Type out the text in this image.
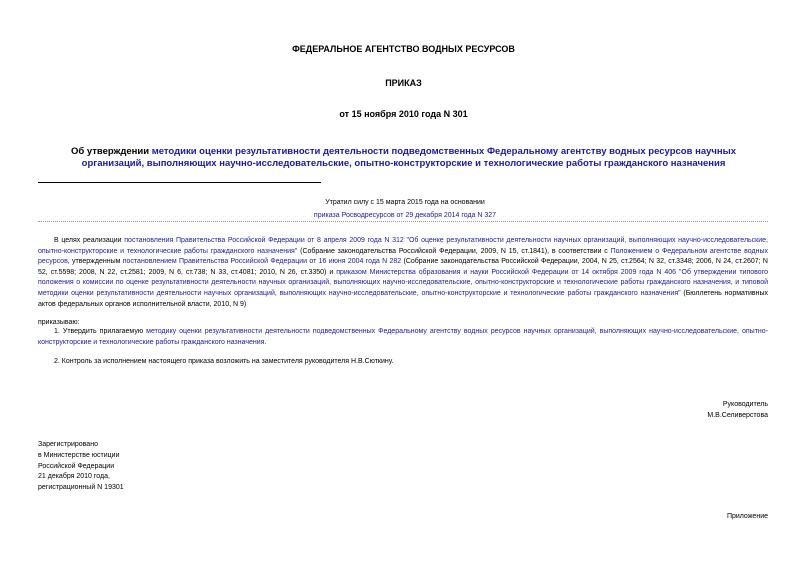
ФЕДЕРАЛЬНОЕ АГЕНТСТВО ВОДНЫХ РЕСУРСОВ
ПРИКАЗ
от 15 ноября 2010 года N 301
Об утверждении методики оценки результативности деятельности подведомственных Федеральному агентству водных ресурсов научных организаций, выполняющих научно-исследовательские, опытно-конструкторские и технологические работы гражданского назначения
Утратил силу с 15 марта 2015 года на основании
приказа Росводресурсов от 29 декабря 2014 года N 327
В целях реализации постановления Правительства Российской Федерации от 8 апреля 2009 года N 312 "Об оценке результативности деятельности научных организаций, выполняющих научно-исследовательские, опытно-конструкторские и технологические работы гражданского назначения" (Собрание законодательства Российской Федерации, 2009, N 15, ст.1841), в соответствии с Положением о Федеральном агентстве водных ресурсов, утвержденным постановлением Правительства Российской Федерации от 16 июня 2004 года N 282 (Собрание законодательства Российской Федерации, 2004, N 25, ст.2564; N 32, ст.3348; 2006, N 24, ст.2607; N 52, ст.5598; 2008, N 22, ст.2581; 2009, N 6, ст.738; N 33, ст.4081; 2010, N 26, ст.3350) и приказом Министерства образования и науки Российской Федерации от 14 октября 2009 года N 406 "Об утверждении типового положения о комиссии по оценке результативности деятельности научных организаций, выполняющих научно-исследовательские, опытно-конструкторские и технологические работы гражданского назначения, и типовой методики оценки результативности деятельности научных организаций, выполняющих научно-исследовательские, опытно-конструкторские и технологические работы гражданского назначения" (Бюллетень нормативных актов федеральных органов исполнительной власти, 2010, N 9)
приказываю:
1. Утвердить прилагаемую методику оценки результативности деятельности подведомственных Федеральному агентству водных ресурсов научных организаций, выполняющих научно-исследовательские, опытно-конструкторские и технологические работы гражданского назначения.
2. Контроль за исполнением настоящего приказа возложить на заместителя руководителя Н.В.Сюткину.
Руководитель
М.В.Селиверстова
Зарегистрировано
в Министерстве юстиции
Российской Федерации
21 декабря 2010 года,
регистрационный N 19301
Приложение
